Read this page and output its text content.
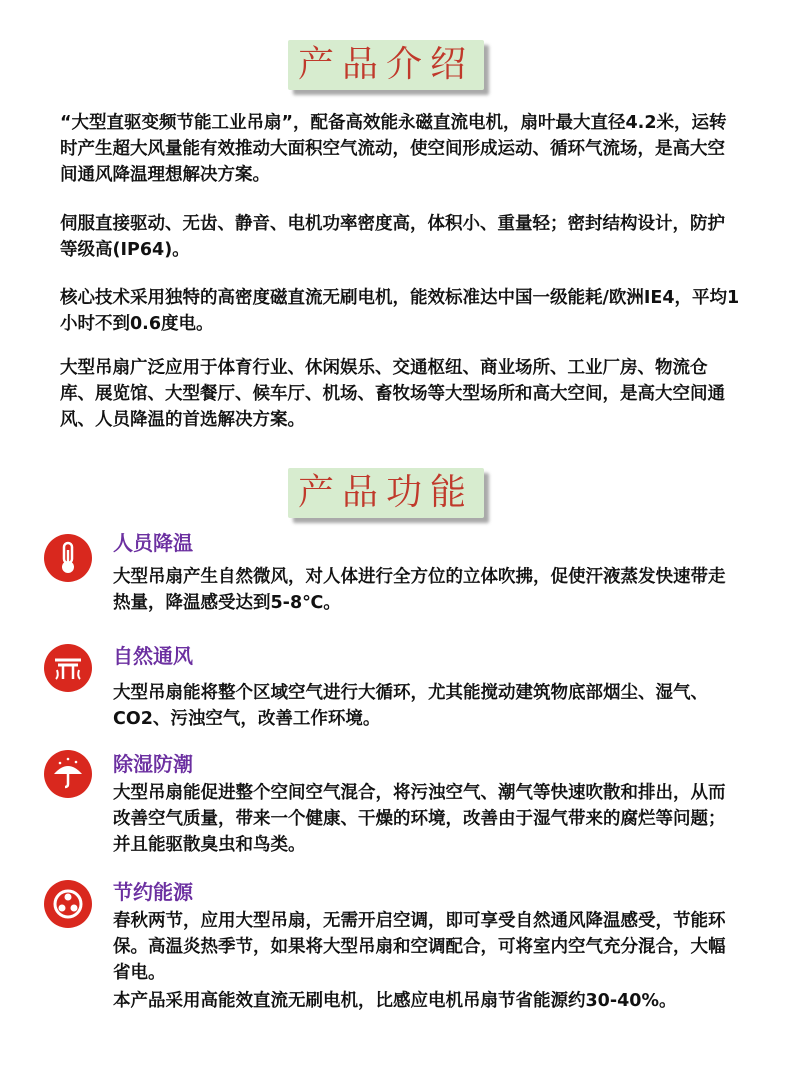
产品介绍

“大型直驱变频节能工业吊扇”，配备高效能永磁直流电机，扇叶最大直径4.2米，运转时产生超大风量能有效推动大面积空气流动，使空间形成运动、循环气流场，是高大空间通风降温理想解决方案。

伺服直接驱动、无齿、静音、电机功率密度高，体积小、重量轻；密封结构设计，防护等级高(IP64)。

核心技术采用独特的高密度磁直流无刷电机，能效标准达中国一级能耗/欧洲IE4，平均1小时不到0.6度电。

大型吊扇广泛应用于体育行业、休闲娱乐、交通枢纽、商业场所、工业厂房、物流仓库、展览馆、大型餐厅、候车厅、机场、畜牧场等大型场所和高大空间，是高大空间通风、人员降温的首选解决方案。

产品功能
人员降温

大型吊扇产生自然微风，对人体进行全方位的立体吹拂，促使汗液蒸发快速带走热量，降温感受达到5-8℃。

自然通风

大型吊扇能将整个区域空气进行大循环，尤其能搅动建筑物底部烟尘、湿气、CO2、污浊空气，改善工作环境。

除湿防潮

大型吊扇能促进整个空间空气混合，将污浊空气、潮气等快速吹散和排出，从而改善空气质量，带来一个健康、干燥的环境，改善由于湿气带来的腐烂等问题；并且能驱散臭虫和鸟类。

节约能源

春秋两节，应用大型吊扇，无需开启空调，即可享受自然通风降温感受，节能环保。高温炎热季节，如果将大型吊扇和空调配合，可将室内空气充分混合，大幅省电。

本产品采用高能效直流无刷电机，比感应电机吊扇节省能源约30-40%。
